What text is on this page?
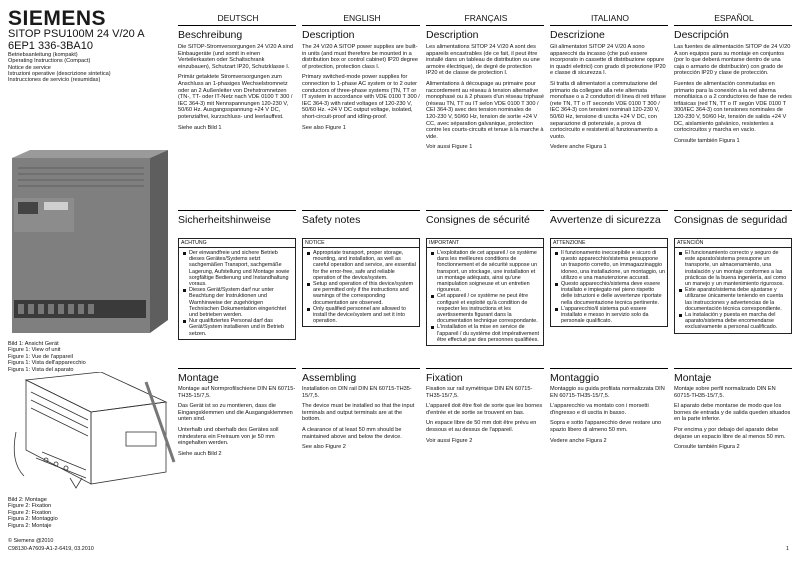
SIEMENS
SITOP PSU100M 24 V/20 A
6EP1 336-3BA10
Betriebsanleitung (kompakt)
Operating Instructions (Compact)
Notice de service
Istruzioni operative (descrizione sintetica)
Instrucciones de servicio (resumidas)
DEUTSCH	ENGLISH	FRANÇAIS	ITALIANO	ESPAÑOL
Bild 1: Ansicht Gerät
Figure 1: View of unit
Figure 1: Vue de l'appareil
Figura 1: Vista dell'apparecchio
Figura 1: Vista del aparato
Bild 2: Montage
Figure 2: Fixation
Figure 2: Fixation
Figura 2: Montaggio
Figura 2: Montaje
© Siemens @2010
C98130-A7609-A1-2-6419, 03.2010	1
Beschreibung

Die SITOP-Stromversorgungen 24 V/20 A sind Einbaugeräte (und somit in einen Verteilerkasten oder Schaltschrank einzubauen), Schutzart IP20, Schutzklasse I.

Primär getaktete Stromversorgungen zum Anschluss an 1-phasiges Wechselstromnetz oder an 2 Außenleiter von Drehstromnetzen (TN-, TT- oder IT-Netz nach VDE 0100 T 300 / IEC 364-3) mit Nennspannungen 120-230 V, 50/60 Hz. Ausgangsspannung +24 V DC, potenzialfrei, kurzschluss- und leerlauffest.

Siehe auch Bild 1

Sicherheitshinweise
ACHTUNG
Der einwandfreie und sichere Betrieb dieses Gerätes/Systems setzt sachgemäßen Transport, sachgemäße Lagerung, Aufstellung und Montage sowie sorgfältige Bedienung und Instandhaltung voraus.
Dieses Gerät/System darf nur unter Beachtung der Instruktionen und Warnhinweise der zugehörigen Technischen Dokumentation eingerichtet und betrieben werden.
Nur qualifiziertes Personal darf das Gerät/System installieren und in Betrieb setzen.
Montage

Montage auf Normprofilschiene DIN EN 60715-TH35-15/7,5.

Das Gerät ist so zu montieren, dass die Eingangsklemmen und die Ausgangsklemmen unten sind.

Unterhalb und oberhalb des Gerätes soll mindestens ein Freiraum von je 50 mm eingehalten werden.

Siehe auch Bild 2

Description

The 24 V/20 A SITOP power supplies are built-in units (and must therefore be mounted in a distribution box or control cabinet) IP20 degree of protection, protection class I.

Primary switched-mode power supplies for connection to 1-phase AC system or to 2 outer conductors of three-phase systems (TN, TT or IT system in accordance with VDE 0100 T 300 / IEC 364-3) with rated voltages of 120-230 V, 50/60 Hz. +24 V DC output voltage, isolated, short-circuit-proof and idling-proof.

See also Figure 1

Safety notes
NOTICE
Appropriate transport, proper storage, mounting, and installation, as well as careful operation and service, are essential for the error-free, safe and reliable operation of the device/system.
Setup and operation of this device/system are permitted only if the instructions and warnings of the corresponding documentation are observed.
Only qualified personnel are allowed to install the device/system and set it into operation.
Assembling

Installation on DIN rail DIN EN 60715-TH35-15/7,5.

The device must be installed so that the input terminals and output terminals are at the bottom.

A clearance of at least 50 mm should be maintained above and below the device.

See also Figure 2

Description

Les alimentations SITOP 24 V/20 A sont des appareils encastrables (de ce fait, il peut être installé dans un tableau de distribution ou une armoire électrique), de degré de protection IP20 et de classe de protection I.

Alimentations à découpage au primaire pour raccordement au réseau à tension alternative monophasé ou à 2 phases d'un réseau triphasé (réseau TN, TT ou IT selon VDE 0100 T 300 / CEI 364-3) avec des tension nominales de 120-230 V, 50/60 Hz, tension de sortie +24 V CC, avec séparation galvanique, protection contre les courts-circuits et tenue à la marche à vide.

Voir aussi Figure 1

Consignes de sécurité
IMPORTANT
L'exploitation de cet appareil / ce système dans les meilleures conditions de fonctionnement et de sécurité suppose un transport, un stockage, une installation et un montage adéquats, ainsi qu'une manipulation soigneuse et un entretien rigoureux.
Cet appareil / ce système ne peut être configuré et exploité qu'à condition de respecter les instructions et les avertissements figurant dans la documentation technique correspondante.
L'installation et la mise en service de l'appareil / du système doit impérativement être effectué par des personnes qualifiées.
Fixation

Fixation sur rail symétrique DIN EN 60715-TH35-15/7,5.

L'appareil doit être fixé de sorte que les bornes d'entrée et de sortie se trouvent en bas.

Un espace libre de 50 mm doit être prévu en dessous et au dessus de l'appareil.

Voir aussi Figure 2

Descrizione

Gli alimentatori SITOP 24 V/20 A sono apparecchi da incasso (che può essere incorporato in cassette di distribuzione oppure in quadri elettrici) con grado di protezione IP20 e classe di sicurezza I.

Si tratta di alimentatori a commutazione del primario da collegare alla rete alternata monofase o a 2 conduttori di linea di reti trifase (rete TN, TT o IT secondo VDE 0100 T 300 / IEC 364-3) con tensioni nominali 120-230 V, 50/60 Hz, tensione di uscita +24 V DC, con separazione di potenziale, a prova di cortocircuito e resistenti al funzionamento a vuoto.

Vedere anche Figura 1

Avvertenze di sicurezza
ATTENZIONE
Il funzionamento ineccepibile e sicuro di questo apparecchio/sistema presuppone un trasporto corretto, un immagazzinaggio idoneo, una installazione, un montaggio, un utilizzo e una manutenzione accurati.
Questo apparecchio/sistema deve essere installato e impiegato nel pieno rispetto delle istruzioni e delle avvertenze riportate nella documentazione tecnica pertinente.
L'apparecchio/il sistema può essere installato e messo in servizio solo da personale qualificato.
Montaggio

Montaggio su guida profilata normalizzata DIN EN 60715-TH35-15/7,5.

L'apparecchio va montato con i morsetti d'ingresso e di uscita in basso.

Sopra e sotto l'apparecchio deve restare uno spazio libero di almeno 50 mm.

Vedere anche Figura 2

Descripción

Las fuentes de alimentación SITOP de 24 V/20 A son equipos para su montaje en conjuntos (por lo que deberá montarse dentro de una caja o armario de distribución) con grado de protección IP20 y clase de protección.

Fuentes de alimentación conmutadas en primario para la conexión a la red alterna monofásica o a 2 conductores de fase de redes trifásicas (red TN, TT o IT según VDE 0100 T 300/IEC 364-3) con tensiones nominales de 120-230 V, 50/60 Hz, tensión de salida +24 V DC, aislamiento galvánico, resistentes a cortocircuitos y marcha en vacío.

Consulte también Figura 1

Consignas de seguridad
ATENCIÓN
El funcionamiento correcto y seguro de este aparato/sistema presupone un transporte, un almacenamiento, una instalación y un montaje conformes a las prácticas de la buena ingeniería, así como un manejo y un mantenimiento rigurosos.
Este aparato/sistema debe ajustarse y utilizarse únicamente teniendo en cuenta las instrucciones y advertencias de la documentación técnica correspondiente.
La instalación y puesta en marcha del aparato/sistema debe encomendarse exclusivamente a personal cualificado.
Montaje

Montaje sobre perfil normalizado DIN EN 60715-TH35-15/7,5.

El aparato debe montarse de modo que los bornes de entrada y de salida queden situados en la parte inferior.

Por encima y por debajo del aparato debe dejarse un espacio libre de al menos 50 mm.

Consulte también Figura 2
